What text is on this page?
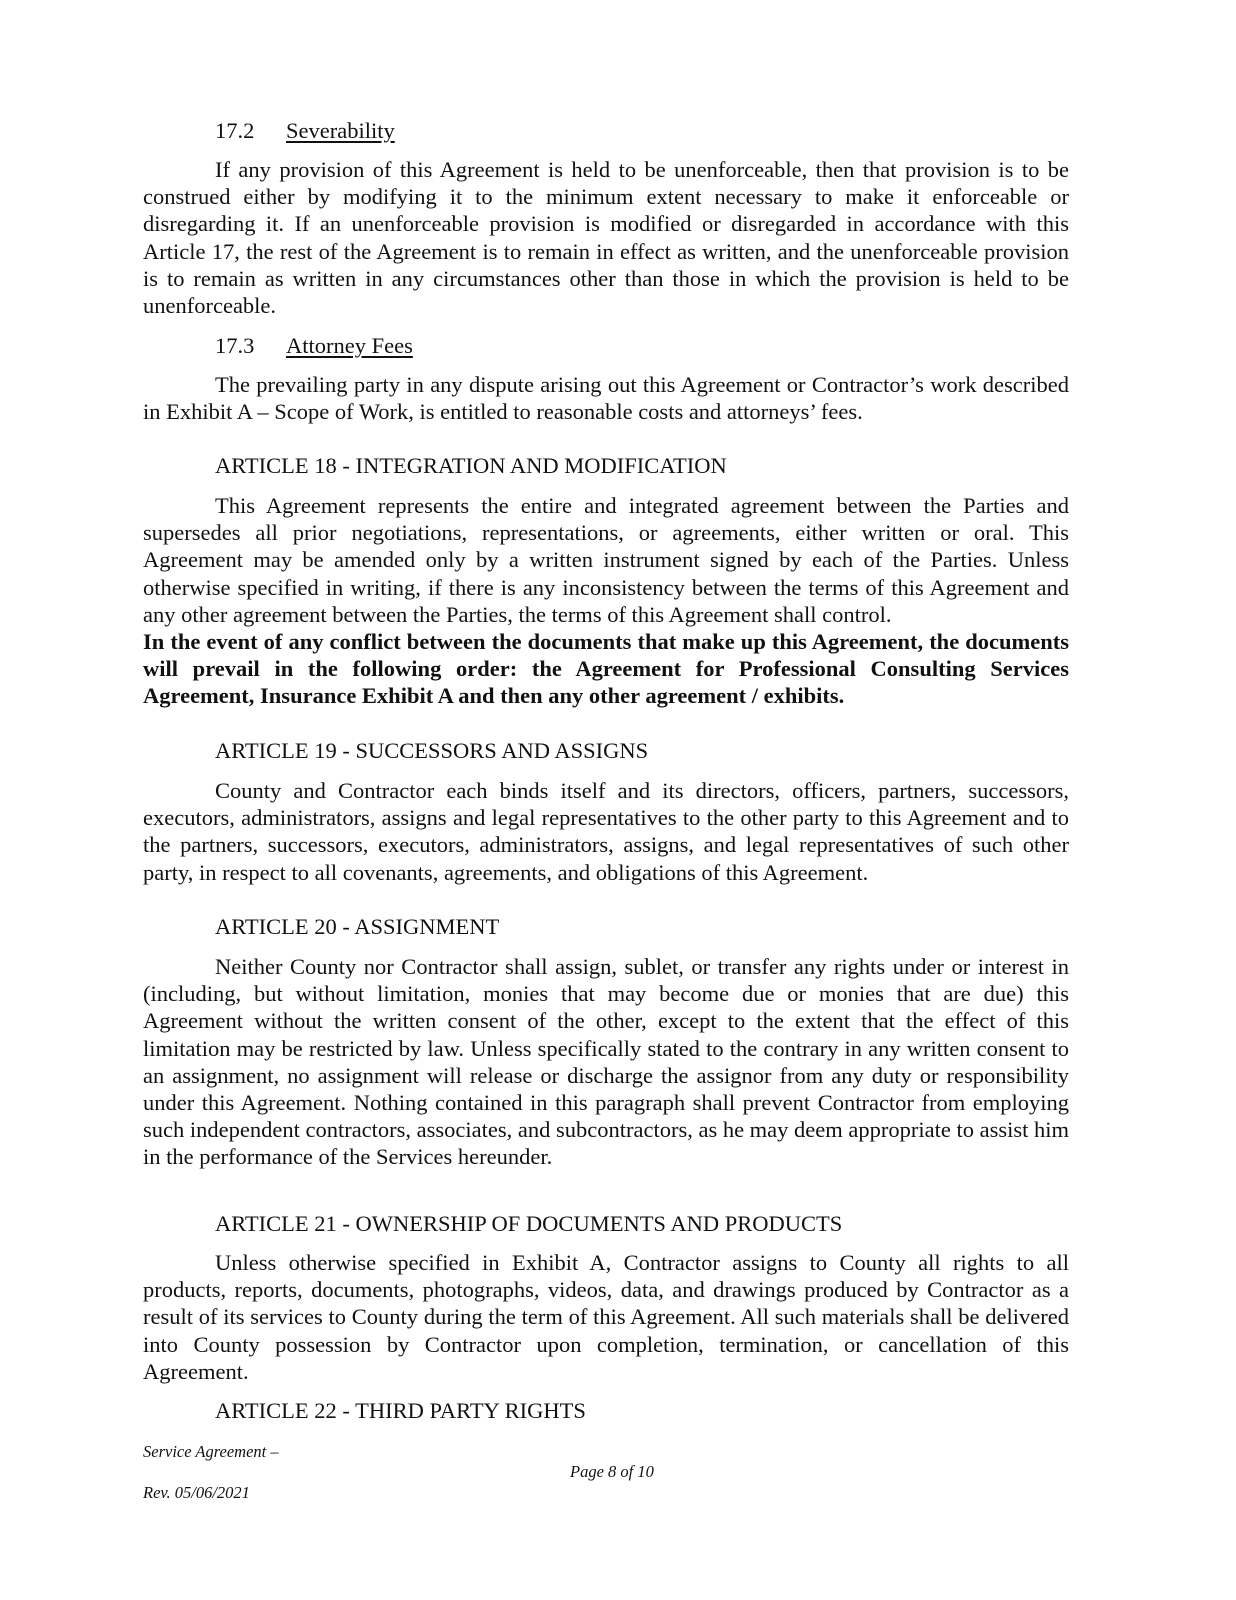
17.2 Severability

If any provision of this Agreement is held to be unenforceable, then that provision is to be construed either by modifying it to the minimum extent necessary to make it enforceable or disregarding it. If an unenforceable provision is modified or disregarded in accordance with this Article 17, the rest of the Agreement is to remain in effect as written, and the unenforceable provision is to remain as written in any circumstances other than those in which the provision is held to be unenforceable.

17.3 Attorney Fees

The prevailing party in any dispute arising out this Agreement or Contractor’s work described in Exhibit A – Scope of Work, is entitled to reasonable costs and attorneys’ fees.

ARTICLE 18 - INTEGRATION AND MODIFICATION

This Agreement represents the entire and integrated agreement between the Parties and supersedes all prior negotiations, representations, or agreements, either written or oral. This Agreement may be amended only by a written instrument signed by each of the Parties. Unless otherwise specified in writing, if there is any inconsistency between the terms of this Agreement and any other agreement between the Parties, the terms of this Agreement shall control.

In the event of any conflict between the documents that make up this Agreement, the documents will prevail in the following order: the Agreement for Professional Consulting Services Agreement, Insurance Exhibit A and then any other agreement / exhibits.

ARTICLE 19 - SUCCESSORS AND ASSIGNS

County and Contractor each binds itself and its directors, officers, partners, successors, executors, administrators, assigns and legal representatives to the other party to this Agreement and to the partners, successors, executors, administrators, assigns, and legal representatives of such other party, in respect to all covenants, agreements, and obligations of this Agreement.

ARTICLE 20 - ASSIGNMENT

Neither County nor Contractor shall assign, sublet, or transfer any rights under or interest in (including, but without limitation, monies that may become due or monies that are due) this Agreement without the written consent of the other, except to the extent that the effect of this limitation may be restricted by law. Unless specifically stated to the contrary in any written consent to an assignment, no assignment will release or discharge the assignor from any duty or responsibility under this Agreement. Nothing contained in this paragraph shall prevent Contractor from employing such independent contractors, associates, and subcontractors, as he may deem appropriate to assist him in the performance of the Services hereunder.

ARTICLE 21 - OWNERSHIP OF DOCUMENTS AND PRODUCTS

Unless otherwise specified in Exhibit A, Contractor assigns to County all rights to all products, reports, documents, photographs, videos, data, and drawings produced by Contractor as a result of its services to County during the term of this Agreement. All such materials shall be delivered into County possession by Contractor upon completion, termination, or cancellation of this Agreement.

ARTICLE 22 - THIRD PARTY RIGHTS
Service Agreement –
Page 8 of 10
Rev. 05/06/2021
